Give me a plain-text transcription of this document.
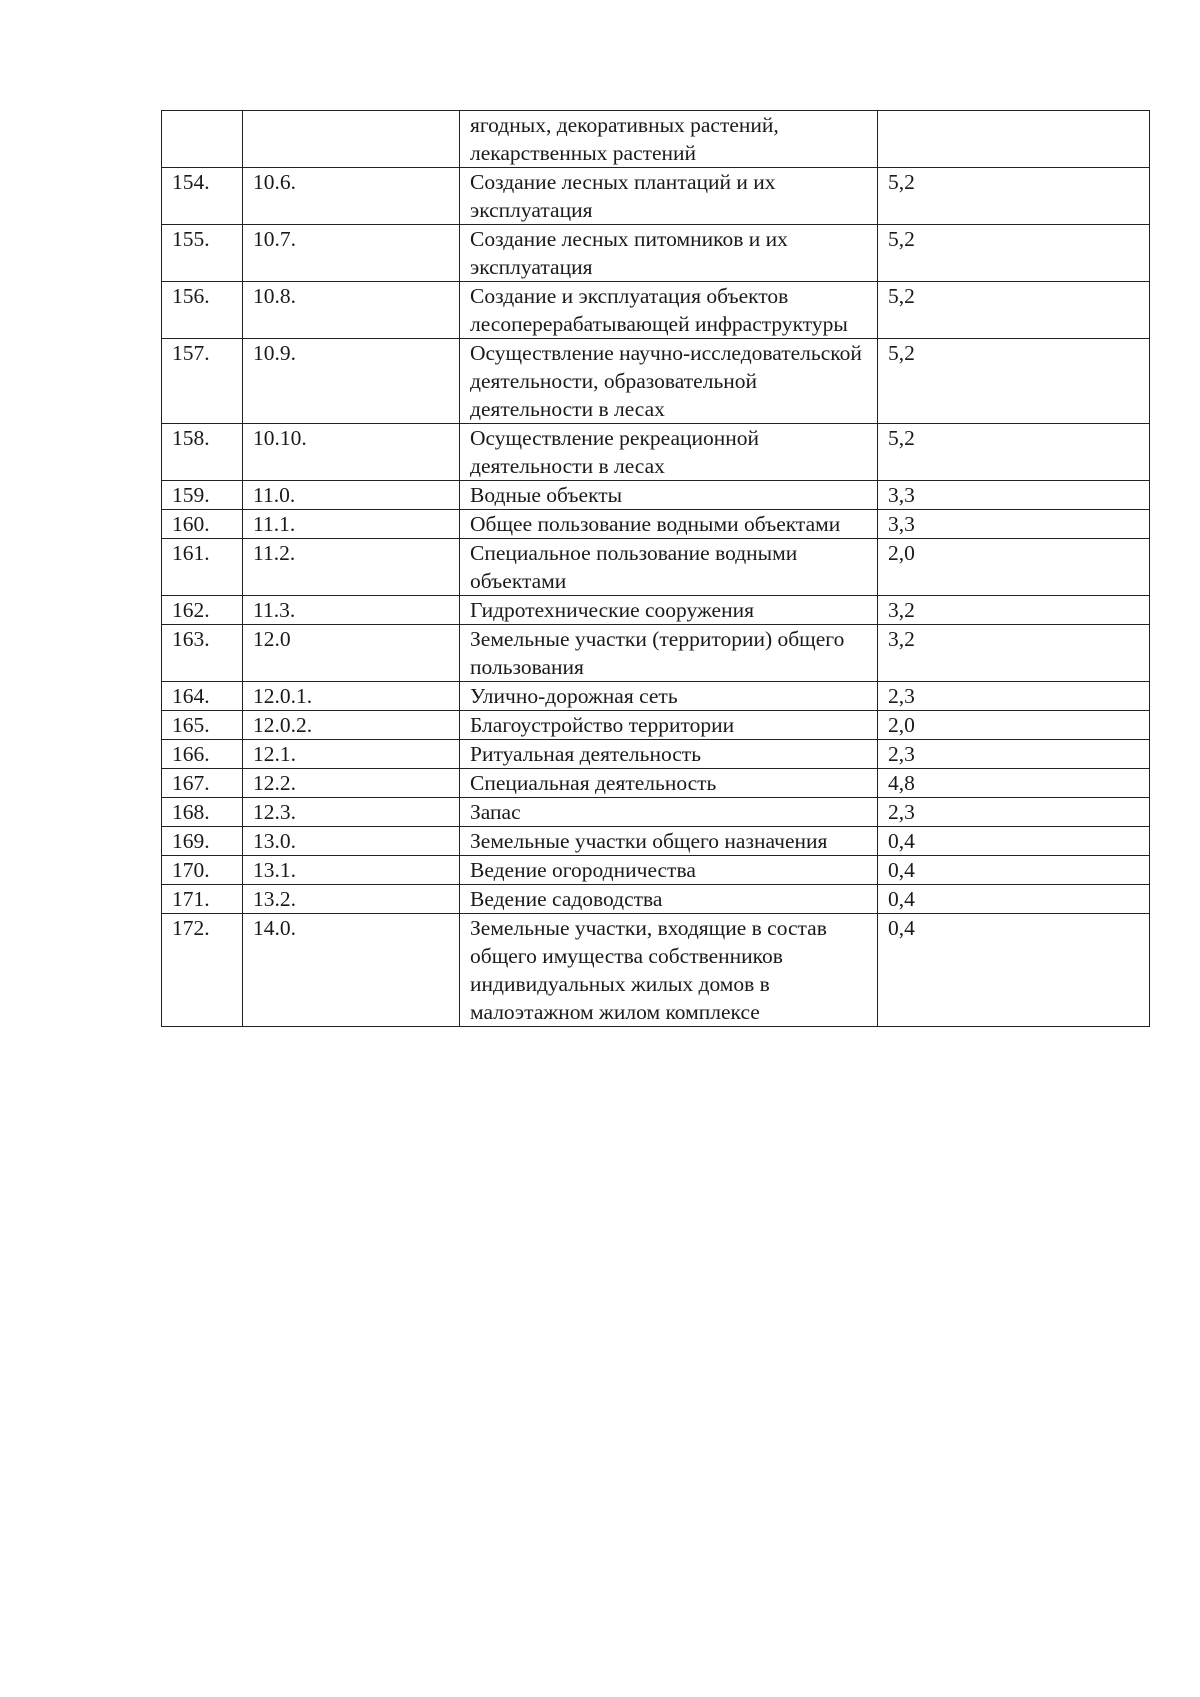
		ягодных, декоративных растений, лекарственных растений	

154.	10.6.	Создание лесных плантаций и их эксплуатация	5,2

155.	10.7.	Создание лесных питомников и их эксплуатация	5,2

156.	10.8.	Создание и эксплуатация объектов лесоперерабатывающей инфраструктуры	5,2

157.	10.9.	Осуществление научно-исследовательской деятельности, образовательной деятельности в лесах	5,2

158.	10.10.	Осуществление рекреационной деятельности в лесах	5,2

159.	11.0.	Водные объекты	3,3

160.	11.1.	Общее пользование водными объектами	3,3

161.	11.2.	Специальное пользование водными объектами	2,0

162.	11.3.	Гидротехнические сооружения	3,2

163.	12.0	Земельные участки (территории) общего пользования	3,2

164.	12.0.1.	Улично-дорожная сеть	2,3

165.	12.0.2.	Благоустройство территории	2,0

166.	12.1.	Ритуальная деятельность	2,3

167.	12.2.	Специальная деятельность	4,8

168.	12.3.	Запас	2,3

169.	13.0.	Земельные участки общего назначения	0,4

170.	13.1.	Ведение огородничества	0,4

171.	13.2.	Ведение садоводства	0,4

172.	14.0.	Земельные участки, входящие в состав общего имущества собственников индивидуальных жилых домов в малоэтажном жилом комплексе	0,4
